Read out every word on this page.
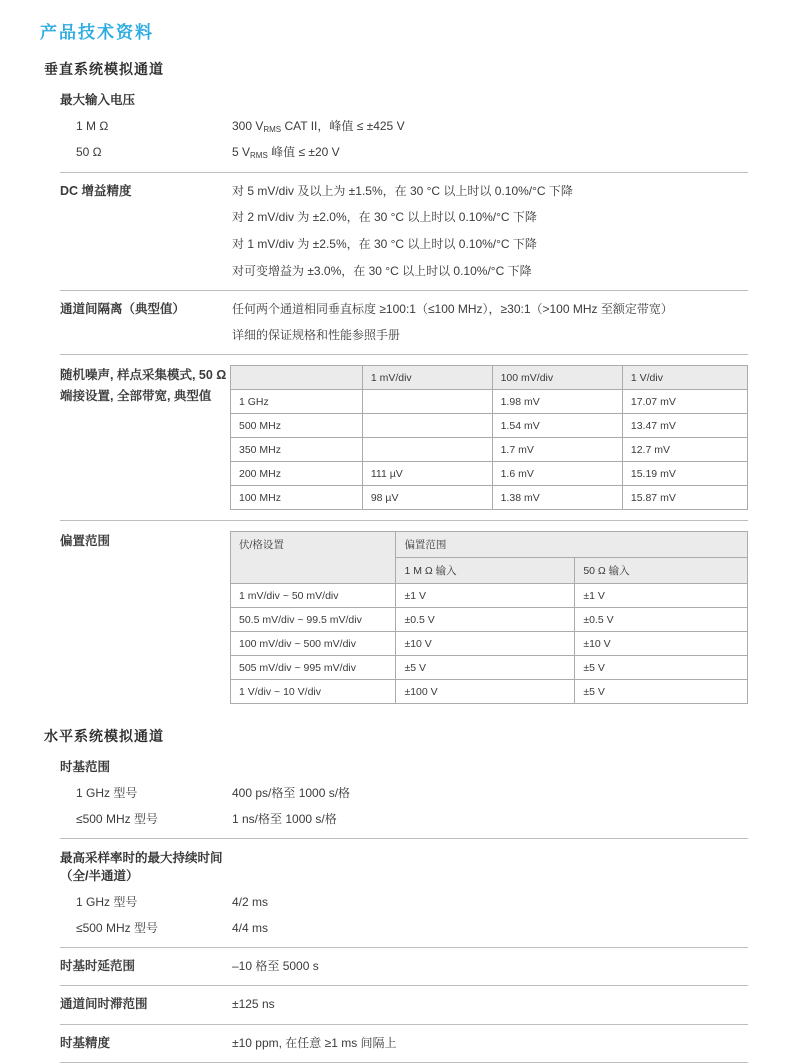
产品技术资料
垂直系统模拟通道
最大输入电压
1 M Ω	300 $V_{RMS}$ CAT II，峰值 ≤ ±425 V
50 Ω	5 $V_{RMS}$ 峰值 ≤ ±20 V
DC 增益精度	对 5 mV/div 及以上为 ±1.5%，在 30 °C 以上时以 0.10%/°C 下降
对 2 mV/div 为 ±2.0%，在 30 °C 以上时以 0.10%/°C 下降
对 1 mV/div 为 ±2.5%，在 30 °C 以上时以 0.10%/°C 下降
对可变增益为 ±3.0%，在 30 °C 以上时以 0.10%/°C 下降
通道间隔离（典型值）	任何两个通道相同垂直标度 ≥100:1（≤100 MHz），≥30:1（>100 MHz 至额定带宽）
详细的保证规格和性能参照手册
随机噪声, 样点采集模式, 50 Ω
端接设置, 全部带宽, 典型值
	1 mV/div	100 mV/div	1 V/div
1 GHz		1.98 mV	17.07 mV
500 MHz		1.54 mV	13.47 mV
350 MHz		1.7 mV	12.7 mV
200 MHz	111 µV	1.6 mV	15.19 mV
100 MHz	98 µV	1.38 mV	15.87 mV
偏置范围	伏/格设置	偏置范围	
	1 M Ω 输入	50 Ω 输入
1 mV/div ~ 50 mV/div	±1 V	±1 V
50.5 mV/div ~ 99.5 mV/div	±0.5 V	±0.5 V
100 mV/div ~ 500 mV/div	±10 V	±10 V
505 mV/div ~ 995 mV/div	±5 V	±5 V
1 V/div ~ 10 V/div	±100 V	±5 V
水平系统模拟通道
时基范围
1 GHz 型号	400 ps/格至 1000 s/格
≤500 MHz 型号	1 ns/格至 1000 s/格
最高采样率时的最大持续时间
（全/半通道）
1 GHz 型号	4/2 ms
≤500 MHz 型号	4/4 ms
时基时延范围	–10 格至 5000 s
通道间时滞范围	±125 ns
时基精度	±10 ppm, 在任意 ≥1 ms 间隔上
